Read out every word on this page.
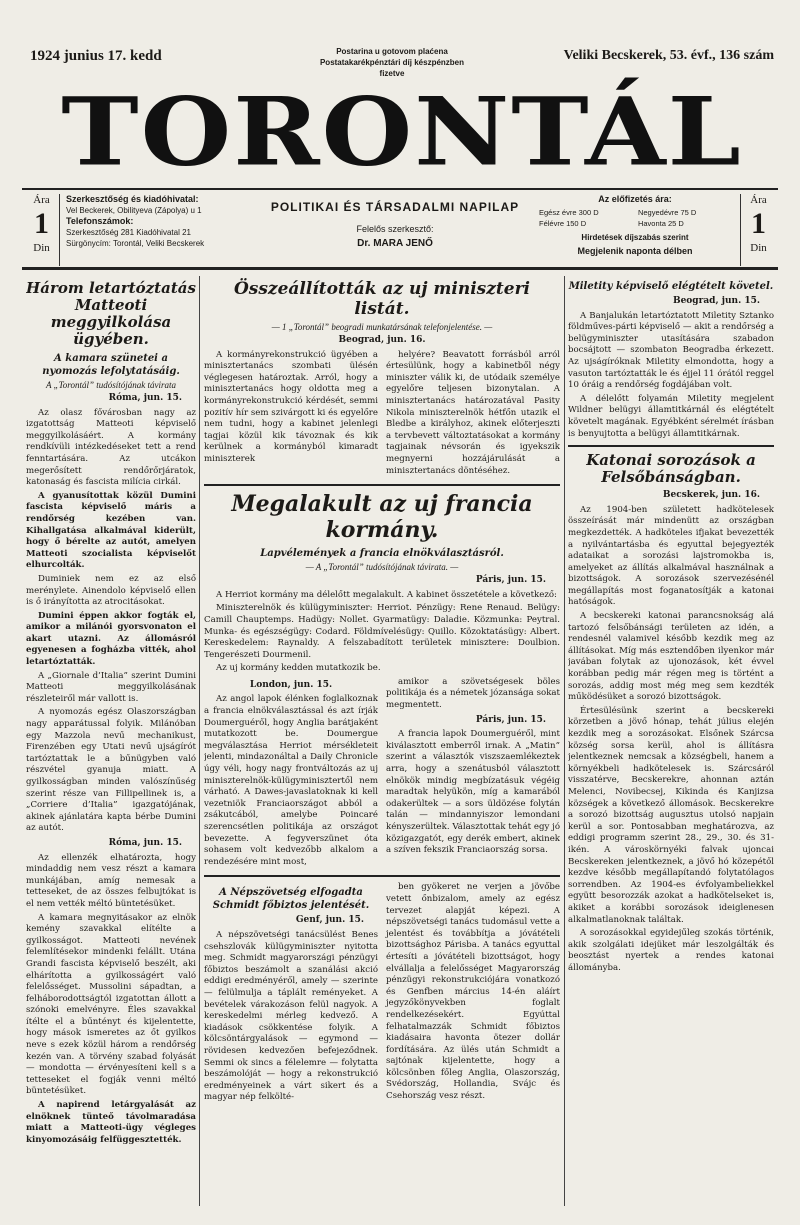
1924 junius 17. kedd	Postarina u gotovom plaćena Postatakarékpénztári díj készpénzben fizetve
Veliki Becskerek, 53. évf., 136 szám
TORONTÁL
Ára
1
Din
Szerkesztőség és kiadóhivatal:
Vel Beckerek, Obilityeva (Zápolya) u 1
Telefonszámok:
Szerkesztőség 281 Kiadóhivatal 21
Sürgönycím: Torontál, Veliki Becskerek
POLITIKAI ÉS TÁRSADALMI NAPILAP
Felelős szerkesztő:
Dr. MARA JENŐ
Az előfizetés ára:
Egész évre 300 D	Negyedévre 75 D
Félévre 150 D	Havonta 25 D
Hirdetések díjszabás szerint
Megjelenik naponta délben
Ára
1
Din
Három letartóztatás Matteoti meggyilkolása ügyében.
A kamara szünetei a nyomozás lefolytatásáig.
A „Torontál” tudósítójának távirata
Róma, jun. 15.

Az olasz fővárosban nagy az izgatottság Matteoti képviselő meggyilkolásáért. A kormány rendkívüli intézkedéseket tett a rend fenntartására. Az utcákon megerősített rendőrőrjáratok, katonaság és fascista milícia cirkál.

A gyanusítottak közül Dumini fascista képviselő máris a rendőrség kezében van. Kihallgatása alkalmával kiderült, hogy ő bérelte az autót, amelyen Matteoti szocialista képviselőt elhurcolták.

Duminiek nem ez az első merénylete. Ainendolo képviselő ellen is ő irányította az atrocitásokat.

Dumini éppen akkor fogták el, amikor a milánói gyorsvonaton el akart utazni. Az állomásról egyenesen a fogházba vitték, ahol letartóztatták.

A „Giornale d’Italia” szerint Dumini Matteoti meggyilkolásának részleteiről már vallott is.

A nyomozás egész Olaszországban nagy apparátussal folyik. Milánóban egy Mazzola nevű mechanikust, Firenzében egy Utati nevű ujságírót tartóztattak le a bűnügyben való részvétel gyanuja miatt. A gyilkosságban minden valószínűség szerint része van Fillipellinek is, a „Corriere d’Italia” igazgatójának, akinek ajánlatára kapta bérbe Dumini az autót.

Róma, jun. 15.

Az ellenzék elhatározta, hogy mindaddig nem vesz részt a kamara munkájában, amíg nemesak a tetteseket, de az összes felbujtókat is el nem vették méltó büntetésüket.

A kamara megnyitásakor az elnök kemény szavakkal elítélte a gyilkosságot. Matteoti nevének felemlítésekor mindenki felállt. Utána Grandi fascista képviselő beszélt, aki elhárította a gyilkosságért való felelősséget. Mussolini sápadtan, a felháborodottságtól izgatottan állott a szónoki emelvényre. Éles szavakkal ítélte el a bűntényt és kijelentette, hogy mások ismeretes az őt gyilkos neve s ezek közül három a rendőrség kezén van. A törvény szabad folyását — mondotta — érvényesíteni kell s a tetteseket el fogják venni méltó büntetésüket.

A napirend letárgyalását az elnöknek tünteő távolmaradása miatt a Matteoti-ügy végleges kinyomozásáig felfüggesztették.

Összeállították az uj miniszteri listát.
— 1 „Torontál” beogradi munkatársának telefonjelentése. —
Beograd, jun. 16.

A kormányrekonstrukció ügyében a minisztertanács szombati ülésén véglegesen határoztak. Arról, hogy a minisztertanács hogy oldotta meg a kormányrekonstrukció kérdését, semmi pozitív hír sem szivárgott ki és egyelőre nem tudni, hogy a kabinet jelenlegi tagjai közül kik távoznak és kik kerülnek a kormányból kimaradt miniszterek

helyére? Beavatott forrásból arról értesülünk, hogy a kabinetből négy miniszter válik ki, de utódaik személye egyelőre teljesen bizonytalan. A minisztertanács határozatával Pasity Nikola miniszterelnök hétfőn utazik el Bledbe a királyhoz, akinek előterjeszti a tervbevett változtatásokat a kormány tagjainak névsorán és igyekszik megnyerni hozzájárulását a minisztertanács döntéséhez.

Megalakult az uj francia kormány.
Lapvélemények a francia elnökválasztásról.
— A „Torontál” tudósítójának távirata. —
Páris, jun. 15.

A Herriot kormány ma délelőtt megalakult. A kabinet összetétele a következő:

Miniszterelnök és külügyminiszter: Herriot. Pénzügy: Rene Renaud. Belügy: Camill Chauptemps. Hadügy: Nollet. Gyarmatügy: Daladie. Közmunka: Peytral. Munka- és egészségügy: Codard. Földmívelésügy: Quillo. Közoktatásügy: Albert. Kereskedelem: Raynaldy. A felszabadított területek minisztere: Doulbion. Tengerészeti Dourmenil.

Az uj kormány kedden mutatkozik be.

London, jun. 15.

Az angol lapok élénken foglalkoznak a francia elnökválasztással és azt írják Doumerguéről, hogy Anglia barátjaként mutatkozott be. Doumergue megválasztása Herriot mérsékleteit jelenti, mindazonáltal a Daily Chronicle úgy véli, hogy nagy frontváltozás az uj miniszterelnök-külügyminisztertől nem várható. A Dawes-javaslatoknak ki kell vezetniök Franciaországot abból a zsákutcából, amelybe Poincaré szerencsétlen politikája az országot bevezette. A fegyverszünet óta sohasem volt kedvezőbb alkalom a rendezésére mint most,

amikor a szövetségesek böles politikája és a németek józansága sokat megmentett.

Páris, jun. 15.

A francia lapok Doumerguéről, mint kiválasztott emberről irnak. A „Matin” szerint a választók viszszaemlékeztek arra, hogy a szenátusból választott elnökök mindig megbízatásuk végéig maradtak helyükön, míg a kamarából odakerültek — a sors üldözése folytán talán — mindannyiszor lemondani kényszerültek. Választottak tehát egy jó közigazgatót, egy derék embert, akinek a szíven fekszik Franciaország sorsa.

A Népszövetség elfogadta Schmidt főbiztos jelentését.
Genf, jun. 15.

A népszövetségi tanácsülést Benes csehszlovák külügyminiszter nyitotta meg. Schmidt magyarországi pénzügyi főbiztos beszámolt a szanálási akció eddigi eredményéről, amely — szerinte — felülmulja a táplált reményeket. A bevételek várakozáson felül nagyok. A kereskedelmi mérleg kedvező. A kiadások csökkentése folyik. A kölcsöntárgyalások — egymond — rövidesen kedvezően befejeződnek. Semmi ok sincs a félelemre — folytatta beszámolóját — hogy a rekonstrukció eredményeinek a várt sikert és a magyar nép felkölté-

ben gyökeret ne verjen a jövőbe vetett őnbizalom, amely az egész tervezet alapját képezi. A népszövetségi tanács tudomásul vette a jelentést és továbbítja a jóvátételi bizottsághoz Párisba. A tanács egyuttal értesíti a jóvátételi bizottságot, hogy elvállalja a felelősséget Magyarország pénzügyi rekonstrukciójára vonatkozó és Genfben március 14-én aláírt jegyzőkönyvekben foglalt rendelkezésekért. Egyúttal felhatalmazzák Schmidt főbiztos kiadásaira havonta ötezer dollár fordítására. Az ülés után Schmidt a sajtónak kijelentette, hogy a kölcsönben főleg Anglia, Olaszország, Svédország, Hollandia, Svájc és Csehország vesz részt.

Miletity képviselő elégtételt követel.
Beograd, jun. 15.

A Banjalukán letartóztatott Miletity Sztanko földműves-párti képviselő — akit a rendőrség a belügyminiszter utasítására szabadon bocsájtott — szombaton Beogradba érkezett. Az ujságíróknak Miletity elmondotta, hogy a vasuton tartóztatták le és éjjel 11 órától reggel 10 óráig a rendőrség fogdájában volt.

A délelőtt folyamán Miletity megjelent Wildner belügyi államtitkárnál és elégtételt követelt magának. Egyébként sérelmét írásban is benyujtotta a belügyi államtitkárnak.

Katonai sorozások a Felsőbánságban.
Becskerek, jun. 16.

Az 1904-ben született hadkötelesek összeírását már mindenütt az országban megkezdették. A hadköteles ifjakat bevezették a nyilvántartásba és egyuttal bejegyezték adataikat a sorozási lajstromokba is, amelyeket az állítás alkalmával használnak a bizottságok. A sorozások szervezésénél megállapítás most foganatosítják a katonai hatóságok.

A becskereki katonai parancsnokság alá tartozó felsőbánsági területen az idén, a rendesnél valamivel később kezdik meg az állításokat. Míg más esztendőben ilyenkor már javában folytak az ujonozások, két évvel korábban pedig már régen meg is történt a sorozás, addig most még meg sem kezdték működésüket a sorozó bizottságok.

Értesülésünk szerint a becskereki körzetben a jövő hónap, tehát július elején kezdik meg a sorozásokat. Elsőnek Szárcsa község sorsa kerül, ahol is állításra jelentkeznek nemcsak a községbeli, hanem a környékbeli hadkötelesek is. Szárcsáról visszatérve, Becskerekre, ahonnan aztán Melenci, Novibecsej, Kikinda és Kanjizsa községek a következő állomások. Becskerekre a sorozó bizottság augusztus utolsó napjain kerül a sor. Pontosabban meghatározva, az eddigi programm szerint 28., 29., 30. és 31-ikén. A városkörnyéki falvak ujoncai Becskereken jelentkeznek, a jövő hó közepétől kezdve később megállapítandó folytatólagos sorrendben. Az 1904-es évfolyambeliekkel együtt besorozzák azokat a hadkötelseket is, akiket a korábbi sorozások ideiglenesen alkalmatlanoknak találtak.

A sorozásokkal egyidejűleg szokás történik, akik szolgálati idejüket már leszolgálták és beosztást nyertek a rendes katonai állományba.
